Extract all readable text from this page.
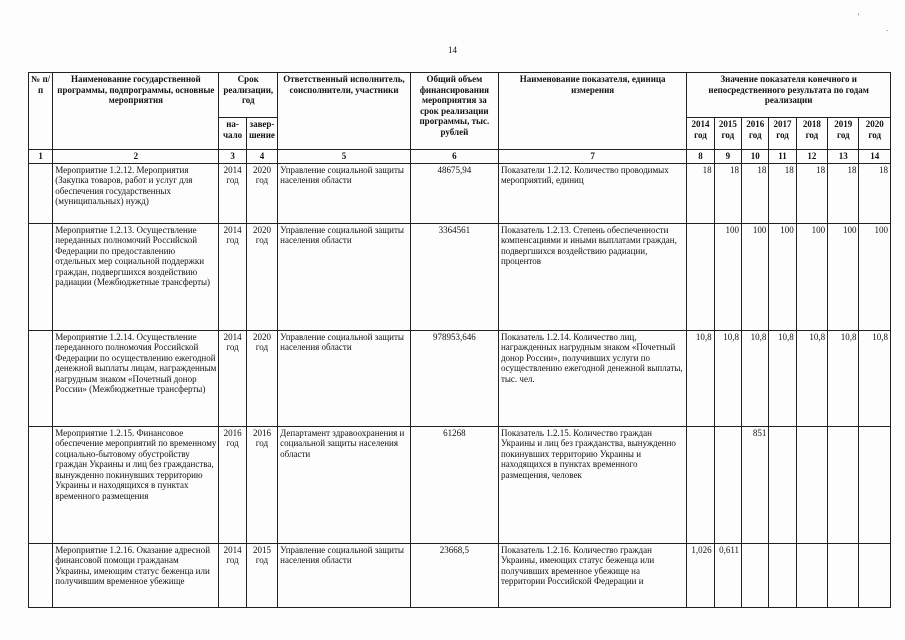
'
.
14
№ п/п	Наименование государственной программы, подпрограммы, основные мероприятия	Срок реализации, год		Ответственный исполнитель, соисполнители, участники	Общий объем финансирования мероприятия за срок реализации программы, тыс. рублей	Наименование показателя, единица измерения	Значение показателя конечного и непосредственного результата по годам реализации						
		на- чало	завер- шение				2014 год	2015 год	2016 год	2017 год	2018 год	2019 год	2020 год
1	2	3	4	5	6	7	8	9	10	11	12	13	14
	Мероприятие 1.2.12. Мероприятия (Закупка товаров, работ и услуг для обеспечения государственных (муниципальных) нужд)	2014 год	2020 год	Управление социальной защиты населения области	48675,94	Показатели 1.2.12. Количество проводимых мероприятий, единиц	18	18	18	18	18	18	18
	Мероприятие 1.2.13. Осуществление переданных полномочий Российской Федерации по предоставлению отдельных мер социальной поддержки граждан, подвергшихся воздействию радиации (Межбюджетные трансферты)	2014 год	2020 год	Управление социальной защиты населения области	3364561	Показатель 1.2.13. Степень обеспеченности компенсациями и иными выплатами граждан, подвергшихся воздействию радиации, процентов		100	100	100	100	100	100
	Мероприятие 1.2.14. Осуществление переданного полномочия Российской Федерации по осуществлению ежегодной денежной выплаты лицам, награжденным нагрудным знаком «Почетный донор России» (Межбюджетные трансферты)	2014 год	2020 год	Управление социальной защиты населения области	978953,646	Показатель 1.2.14. Количество лиц, награжденных нагрудным знаком «Почетный донор России», получивших услуги по осуществлению ежегодной денежной выплаты, тыс. чел.	10,8	10,8	10,8	10,8	10,8	10,8	10,8
	Мероприятие 1.2.15. Финансовое обеспечение мероприятий по временному социально-бытовому обустройству граждан Украины и лиц без гражданства, вынужденно покинувших территорию Украины и находящихся в пунктах временного размещения	2016 год	2016 год	Департамент здравоохранения и социальной защиты населения области	61268	Показатель 1.2.15. Количество граждан Украины и лиц без гражданства, вынужденно покинувших территорию Украины и находящихся в пунктах временного размещения, человек			851				
	Мероприятие 1.2.16. Оказание адресной финансовой помощи гражданам Украины, имеющим статус беженца или получившим временное убежище	2014 год	2015 год	Управление социальной защиты населения области	23668,5	Показатель 1.2.16. Количество граждан Украины, имеющих статус беженца или получивших временное убежище на территории Российской Федерации и	1,026	0,611					
